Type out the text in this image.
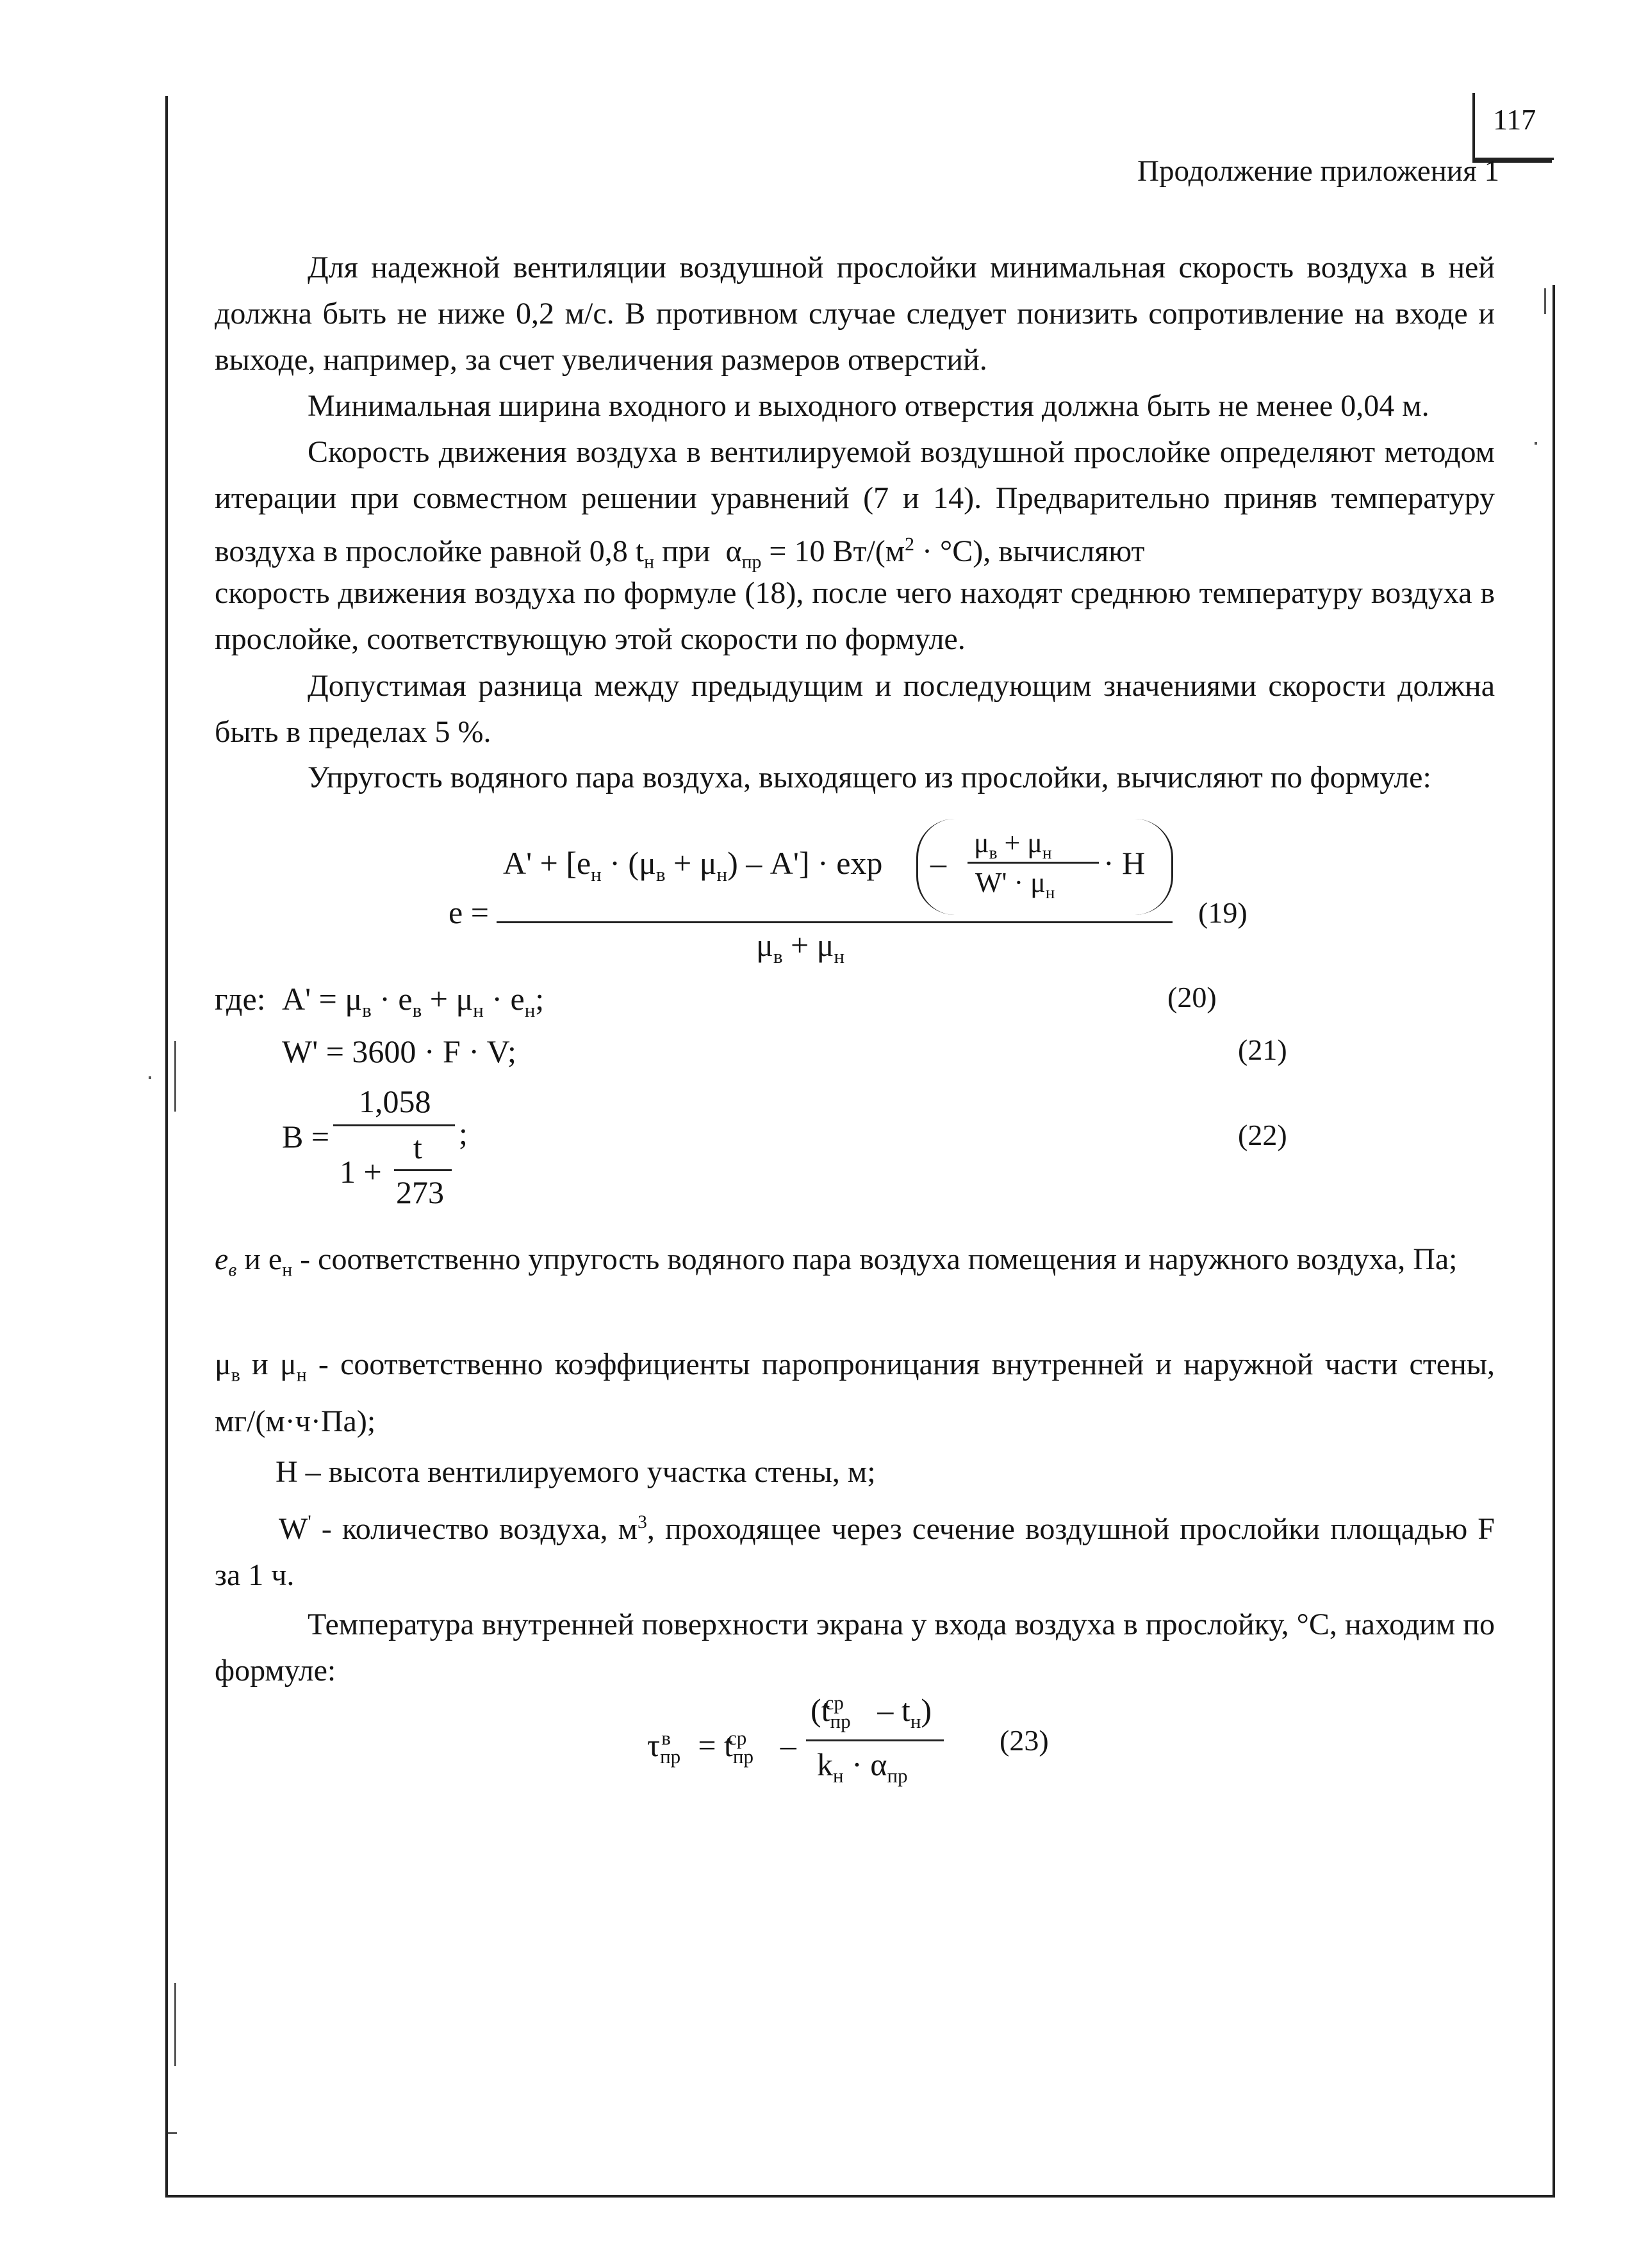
117
Продолжение приложения 1
Для надежной вентиляции воздушной прослойки минимальная скорость воздуха в ней должна быть не ниже 0,2 м/с. В противном случае следует понизить сопротивление на входе и выходе, например, за счет увеличения размеров отверстий.
Минимальная ширина входного и выходного отверстия должна быть не менее 0,04 м.
Скорость движения воздуха в вентилируемой воздушной прослойке определяют методом итерации при совместном решении уравнений (7 и 14). Предварительно приняв температуру воздуха в прослойке равной 0,8 $t_н$ при $\alpha_{пр} = 10$ $Вт/(м^2 \cdot ^\circ С)$, вычисляют
скорость движения воздуха по формуле (18), после чего находят среднюю температуру воздуха в прослойке, соответствующую этой скорости по формуле.
Допустимая разница между предыдущим и последующим значениями скорости должна быть в пределах 5 %.
Упругость водяного пара воздуха, выходящего из прослойки, вычисляют по формуле:
e =
$A' + [e_н \cdot (\mu_в + \mu_н) - A'] \cdot \exp$ –
$\mu_в + \mu_н$
$W' \cdot \mu_н$
· H
$\mu_в + \mu_н$
(19)
где: $A' = \mu_в \cdot e_в + \mu_н \cdot e_н$;	(20)
W' = 3600 · F · V;	(21)
B =
1,058
;
1 +
t
273
(22)
$e_в$ и $е_н$ - соответственно упругость водяного пара воздуха помещения и наружного воздуха, Па;
$\mu_в$ и $\mu_н$ - соответственно коэффициенты паропроницания внутренней и наружной части стены, мг/(м·ч·Па);
Н – высота вентилируемого участка стены, м;
W' - количество воздуха, $м^3$, проходящее через сечение воздушной прослойки площадью F за 1 ч.
Температура внутренней поверхности экрана у входа воздуха в прослойку, °С, находим по формуле:
$\tau_{пр}^в = t_{пр}^{ср}$ –
$(t_{пр}^{ср} - t_н)$
$k_н \cdot \alpha_{пр}$
(23)
